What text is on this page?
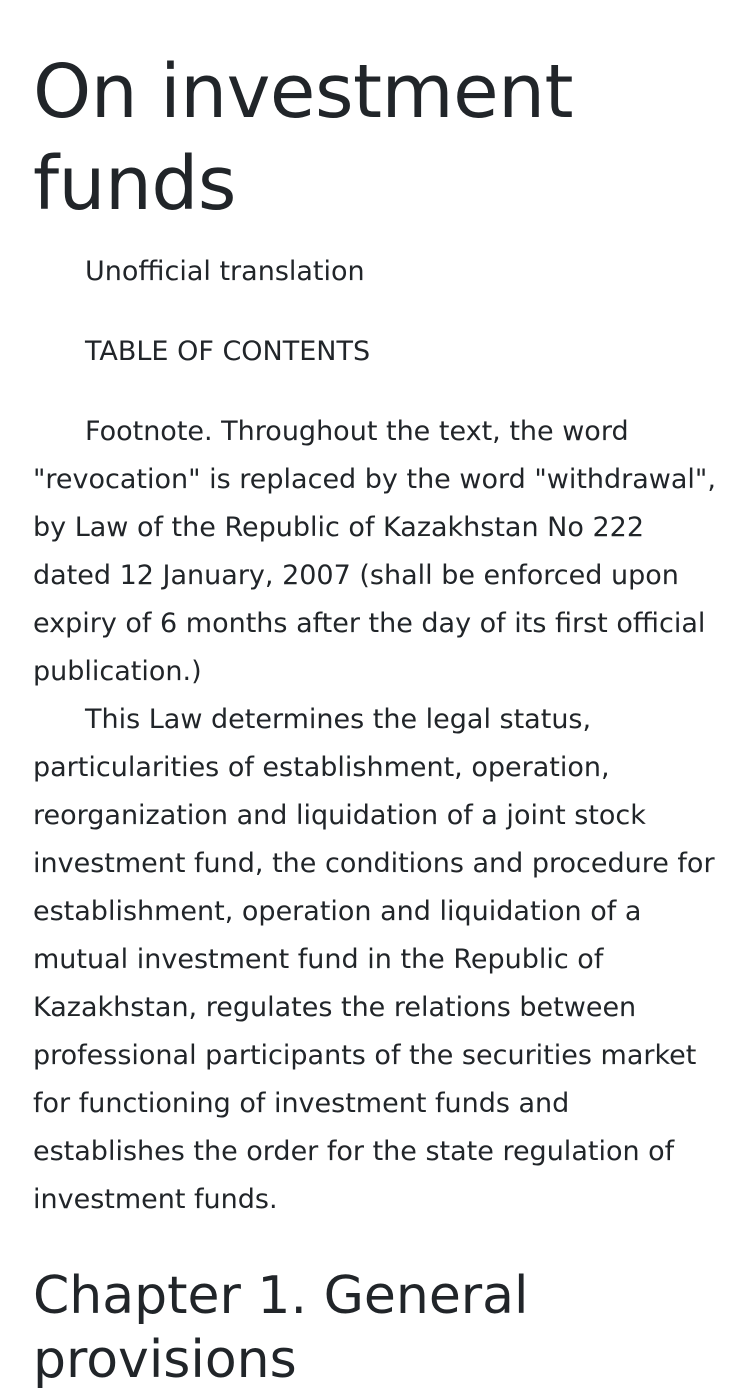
On investment funds

Unofficial translation

TABLE OF CONTENTS

Footnote. Throughout the text, the word "revocation" is replaced by the word "withdrawal", by Law of the Republic of Kazakhstan No 222 dated 12 January, 2007 (shall be enforced upon expiry of 6 months after the day of its first official publication.)

This Law determines the legal status, particularities of establishment, operation, reorganization and liquidation of a joint stock investment fund, the conditions and procedure for establishment, operation and liquidation of a mutual investment fund in the Republic of Kazakhstan, regulates the relations between professional participants of the securities market for functioning of investment funds and establishes the order for the state regulation of investment funds.

Chapter 1. General provisions
